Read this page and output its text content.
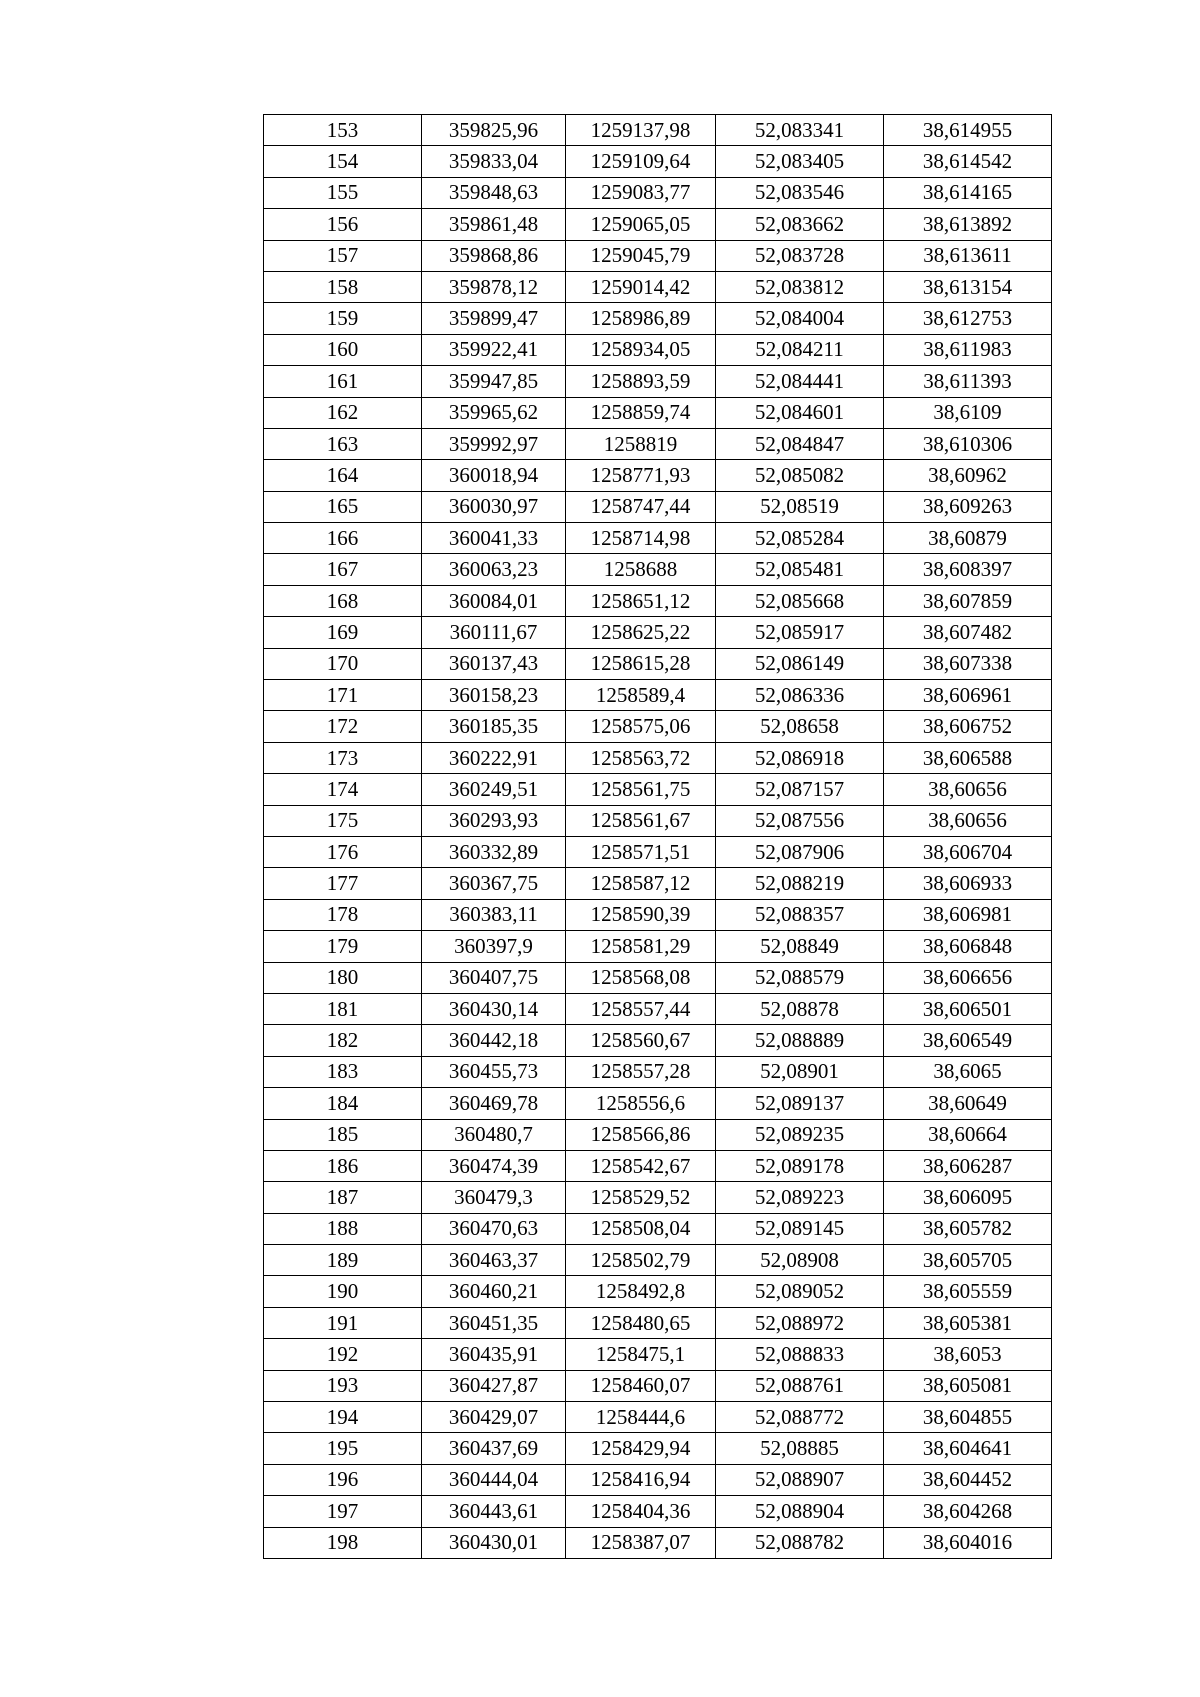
153	359825,96	1259137,98	52,083341	38,614955
154	359833,04	1259109,64	52,083405	38,614542
155	359848,63	1259083,77	52,083546	38,614165
156	359861,48	1259065,05	52,083662	38,613892
157	359868,86	1259045,79	52,083728	38,613611
158	359878,12	1259014,42	52,083812	38,613154
159	359899,47	1258986,89	52,084004	38,612753
160	359922,41	1258934,05	52,084211	38,611983
161	359947,85	1258893,59	52,084441	38,611393
162	359965,62	1258859,74	52,084601	38,6109
163	359992,97	1258819	52,084847	38,610306
164	360018,94	1258771,93	52,085082	38,60962
165	360030,97	1258747,44	52,08519	38,609263
166	360041,33	1258714,98	52,085284	38,60879
167	360063,23	1258688	52,085481	38,608397
168	360084,01	1258651,12	52,085668	38,607859
169	360111,67	1258625,22	52,085917	38,607482
170	360137,43	1258615,28	52,086149	38,607338
171	360158,23	1258589,4	52,086336	38,606961
172	360185,35	1258575,06	52,08658	38,606752
173	360222,91	1258563,72	52,086918	38,606588
174	360249,51	1258561,75	52,087157	38,60656
175	360293,93	1258561,67	52,087556	38,60656
176	360332,89	1258571,51	52,087906	38,606704
177	360367,75	1258587,12	52,088219	38,606933
178	360383,11	1258590,39	52,088357	38,606981
179	360397,9	1258581,29	52,08849	38,606848
180	360407,75	1258568,08	52,088579	38,606656
181	360430,14	1258557,44	52,08878	38,606501
182	360442,18	1258560,67	52,088889	38,606549
183	360455,73	1258557,28	52,08901	38,6065
184	360469,78	1258556,6	52,089137	38,60649
185	360480,7	1258566,86	52,089235	38,60664
186	360474,39	1258542,67	52,089178	38,606287
187	360479,3	1258529,52	52,089223	38,606095
188	360470,63	1258508,04	52,089145	38,605782
189	360463,37	1258502,79	52,08908	38,605705
190	360460,21	1258492,8	52,089052	38,605559
191	360451,35	1258480,65	52,088972	38,605381
192	360435,91	1258475,1	52,088833	38,6053
193	360427,87	1258460,07	52,088761	38,605081
194	360429,07	1258444,6	52,088772	38,604855
195	360437,69	1258429,94	52,08885	38,604641
196	360444,04	1258416,94	52,088907	38,604452
197	360443,61	1258404,36	52,088904	38,604268
198	360430,01	1258387,07	52,088782	38,604016
